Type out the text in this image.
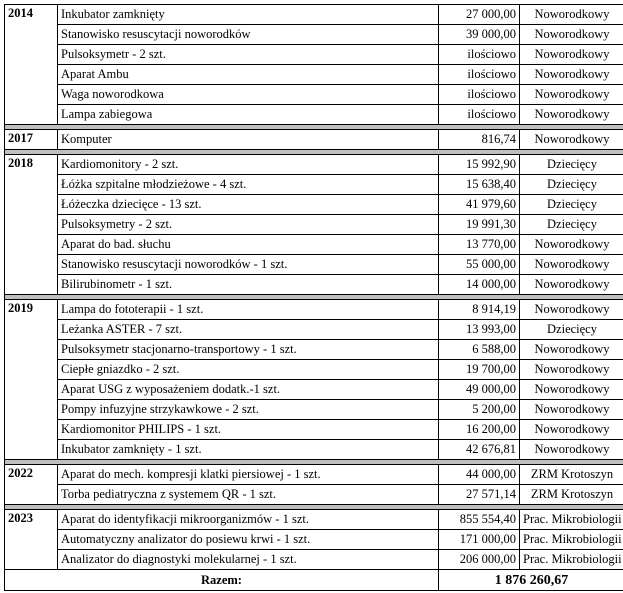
2014	Inkubator zamknięty	27 000,00	Noworodkowy
	Stanowisko resuscytacji noworodków	39 000,00	Noworodkowy
	Pulsoksymetr - 2 szt.	ilościowo	Noworodkowy
	Aparat Ambu	ilościowo	Noworodkowy
	Waga noworodkowa	ilościowo	Noworodkowy
	Lampa zabiegowa	ilościowo	Noworodkowy

2017	Komputer	816,74	Noworodkowy

2018	Kardiomonitory - 2 szt.	15 992,90	Dziecięcy
	Łóżka szpitalne młodzieżowe - 4 szt.	15 638,40	Dziecięcy
	Łóżeczka dziecięce - 13 szt.	41 979,60	Dziecięcy
	Pulsoksymetry - 2 szt.	19 991,30	Dziecięcy
	Aparat do bad. słuchu	13 770,00	Noworodkowy
	Stanowisko resuscytacji noworodków - 1 szt.	55 000,00	Noworodkowy
	Bilirubinometr - 1 szt.	14 000,00	Noworodkowy

2019	Lampa do fototerapii - 1 szt.	8 914,19	Noworodkowy
	Leżanka ASTER - 7 szt.	13 993,00	Dziecięcy
	Pulsoksymetr stacjonarno-transportowy - 1 szt.	6 588,00	Noworodkowy
	Ciepłe gniazdko - 2 szt.	19 700,00	Noworodkowy
	Aparat USG z wyposażeniem dodatk.-1 szt.	49 000,00	Noworodkowy
	Pompy infuzyjne strzykawkowe - 2 szt.	5 200,00	Noworodkowy
	Kardiomonitor PHILIPS - 1 szt.	16 200,00	Noworodkowy
	Inkubator zamknięty - 1 szt.	42 676,81	Noworodkowy

2022	Aparat do mech. kompresji klatki piersiowej - 1 szt.	44 000,00	ZRM Krotoszyn
	Torba pediatryczna z systemem QR - 1 szt.	27 571,14	ZRM Krotoszyn

2023	Aparat do identyfikacji mikroorganizmów - 1 szt.	855 554,40	Prac. Mikrobiologii
	Automatyczny analizator do posiewu krwi - 1 szt.	171 000,00	Prac. Mikrobiologii
	Analizator do diagnostyki molekularnej - 1 szt.	206 000,00	Prac. Mikrobiologii
Razem:		1 876 260,67	
